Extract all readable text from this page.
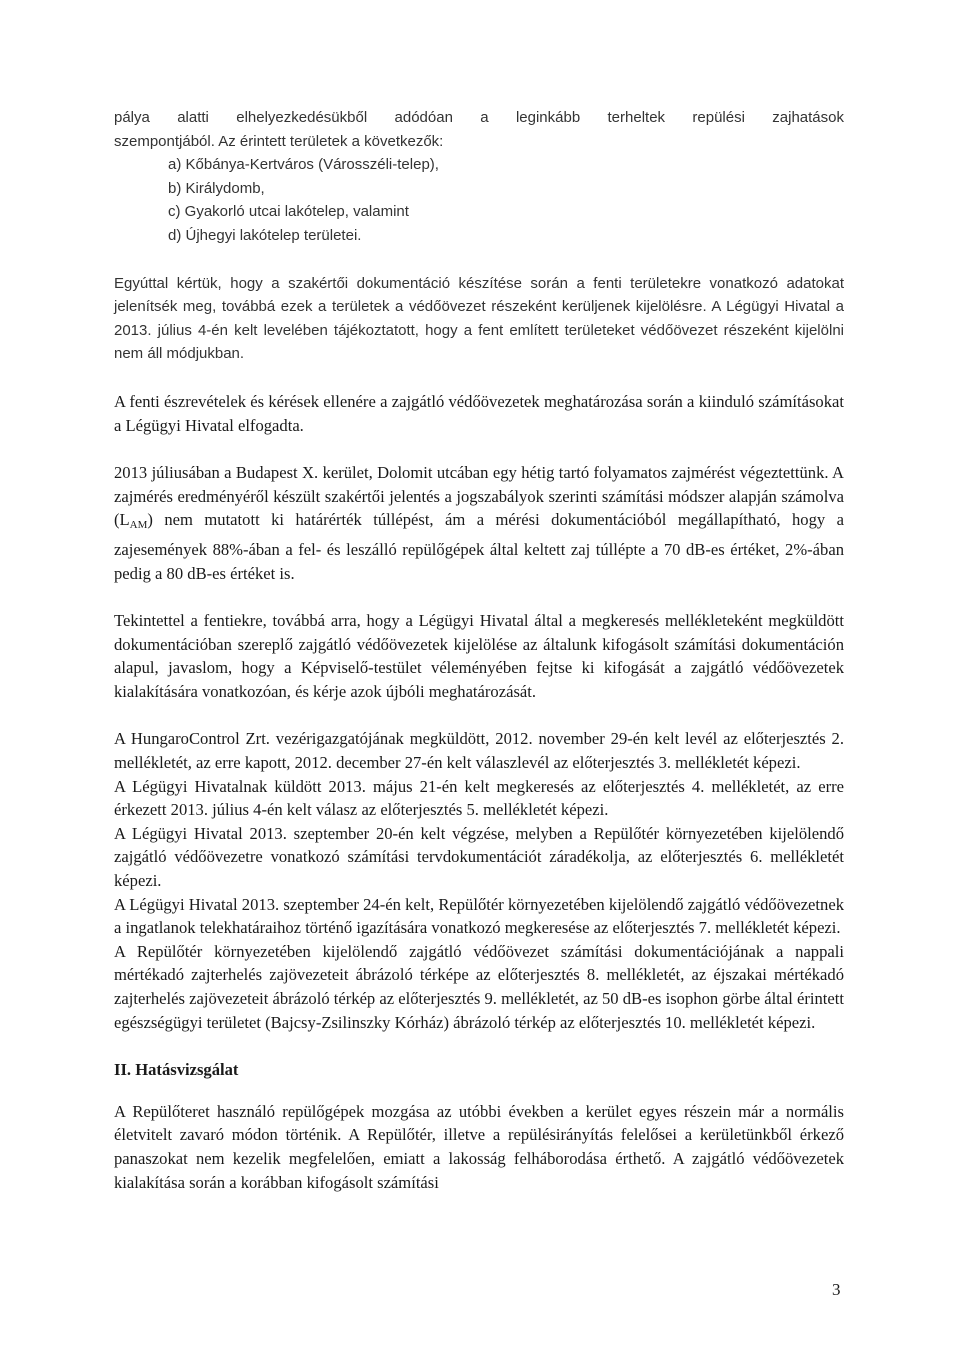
pálya alatti elhelyezkedésükből adódóan a leginkább terheltek repülési zajhatások

szempontjából. Az érintett területek a következők:

a) Kőbánya-Kertváros (Városszéli-telep),

b) Királydomb,

c) Gyakorló utcai lakótelep, valamint

d) Újhegyi lakótelep területei.

Egyúttal kértük, hogy a szakértői dokumentáció készítése során a fenti területekre vonatkozó adatokat jelenítsék meg, továbbá ezek a területek a védőövezet részeként kerüljenek kijelölésre. A Légügyi Hivatal a 2013. július 4-én kelt levelében tájékoztatott, hogy a fent említett területeket védőövezet részeként kijelölni nem áll módjukban.

A fenti észrevételek és kérések ellenére a zajgátló védőövezetek meghatározása során a kiinduló számításokat a Légügyi Hivatal elfogadta.

2013 júliusában a Budapest X. kerület, Dolomit utcában egy hétig tartó folyamatos zajmérést végeztettünk. A zajmérés eredményéről készült szakértői jelentés a jogszabályok szerinti számítási módszer alapján számolva $(L_{AM})$ nem mutatott ki határérték túllépést, ám a mérési dokumentációból megállapítható, hogy a zajesemények 88%-ában a fel- és leszálló repülőgépek által keltett zaj túllépte a 70 dB-es értéket, 2%-ában pedig a 80 dB-es értéket is.

Tekintettel a fentiekre, továbbá arra, hogy a Légügyi Hivatal által a megkeresés mellékleteként megküldött dokumentációban szereplő zajgátló védőövezetek kijelölése az általunk kifogásolt számítási dokumentáción alapul, javaslom, hogy a Képviselő-testület véleményében fejtse ki kifogását a zajgátló védőövezetek kialakítására vonatkozóan, és kérje azok újbóli meghatározását.

A HungaroControl Zrt. vezérigazgatójának megküldött, 2012. november 29-én kelt levél az előterjesztés 2. mellékletét, az erre kapott, 2012. december 27-én kelt válaszlevél az előterjesztés 3. mellékletét képezi.

A Légügyi Hivatalnak küldött 2013. május 21-én kelt megkeresés az előterjesztés 4. mellékletét, az erre érkezett 2013. július 4-én kelt válasz az előterjesztés 5. mellékletét képezi.

A Légügyi Hivatal 2013. szeptember 20-én kelt végzése, melyben a Repülőtér környezetében kijelölendő zajgátló védőövezetre vonatkozó számítási tervdokumentációt záradékolja, az előterjesztés 6. mellékletét képezi.

A Légügyi Hivatal 2013. szeptember 24-én kelt, Repülőtér környezetében kijelölendő zajgátló védőövezetnek a ingatlanok telekhatáraihoz történő igazítására vonatkozó megkeresése az előterjesztés 7. mellékletét képezi.

A Repülőtér környezetében kijelölendő zajgátló védőövezet számítási dokumentációjának a nappali mértékadó zajterhelés zajövezeteit ábrázoló térképe az előterjesztés 8. mellékletét, az éjszakai mértékadó zajterhelés zajövezeteit ábrázoló térkép az előterjesztés 9. mellékletét, az 50 dB-es isophon görbe által érintett egészségügyi területet (Bajcsy-Zsilinszky Kórház) ábrázoló térkép az előterjesztés 10. mellékletét képezi.

II. Hatásvizsgálat

A Repülőteret használó repülőgépek mozgása az utóbbi években a kerület egyes részein már a normális életvitelt zavaró módon történik. A Repülőtér, illetve a repülésirányítás felelősei a kerületünkből érkező panaszokat nem kezelik megfelelően, emiatt a lakosság felháborodása érthető. A zajgátló védőövezetek kialakítása során a korábban kifogásolt számítási

3
